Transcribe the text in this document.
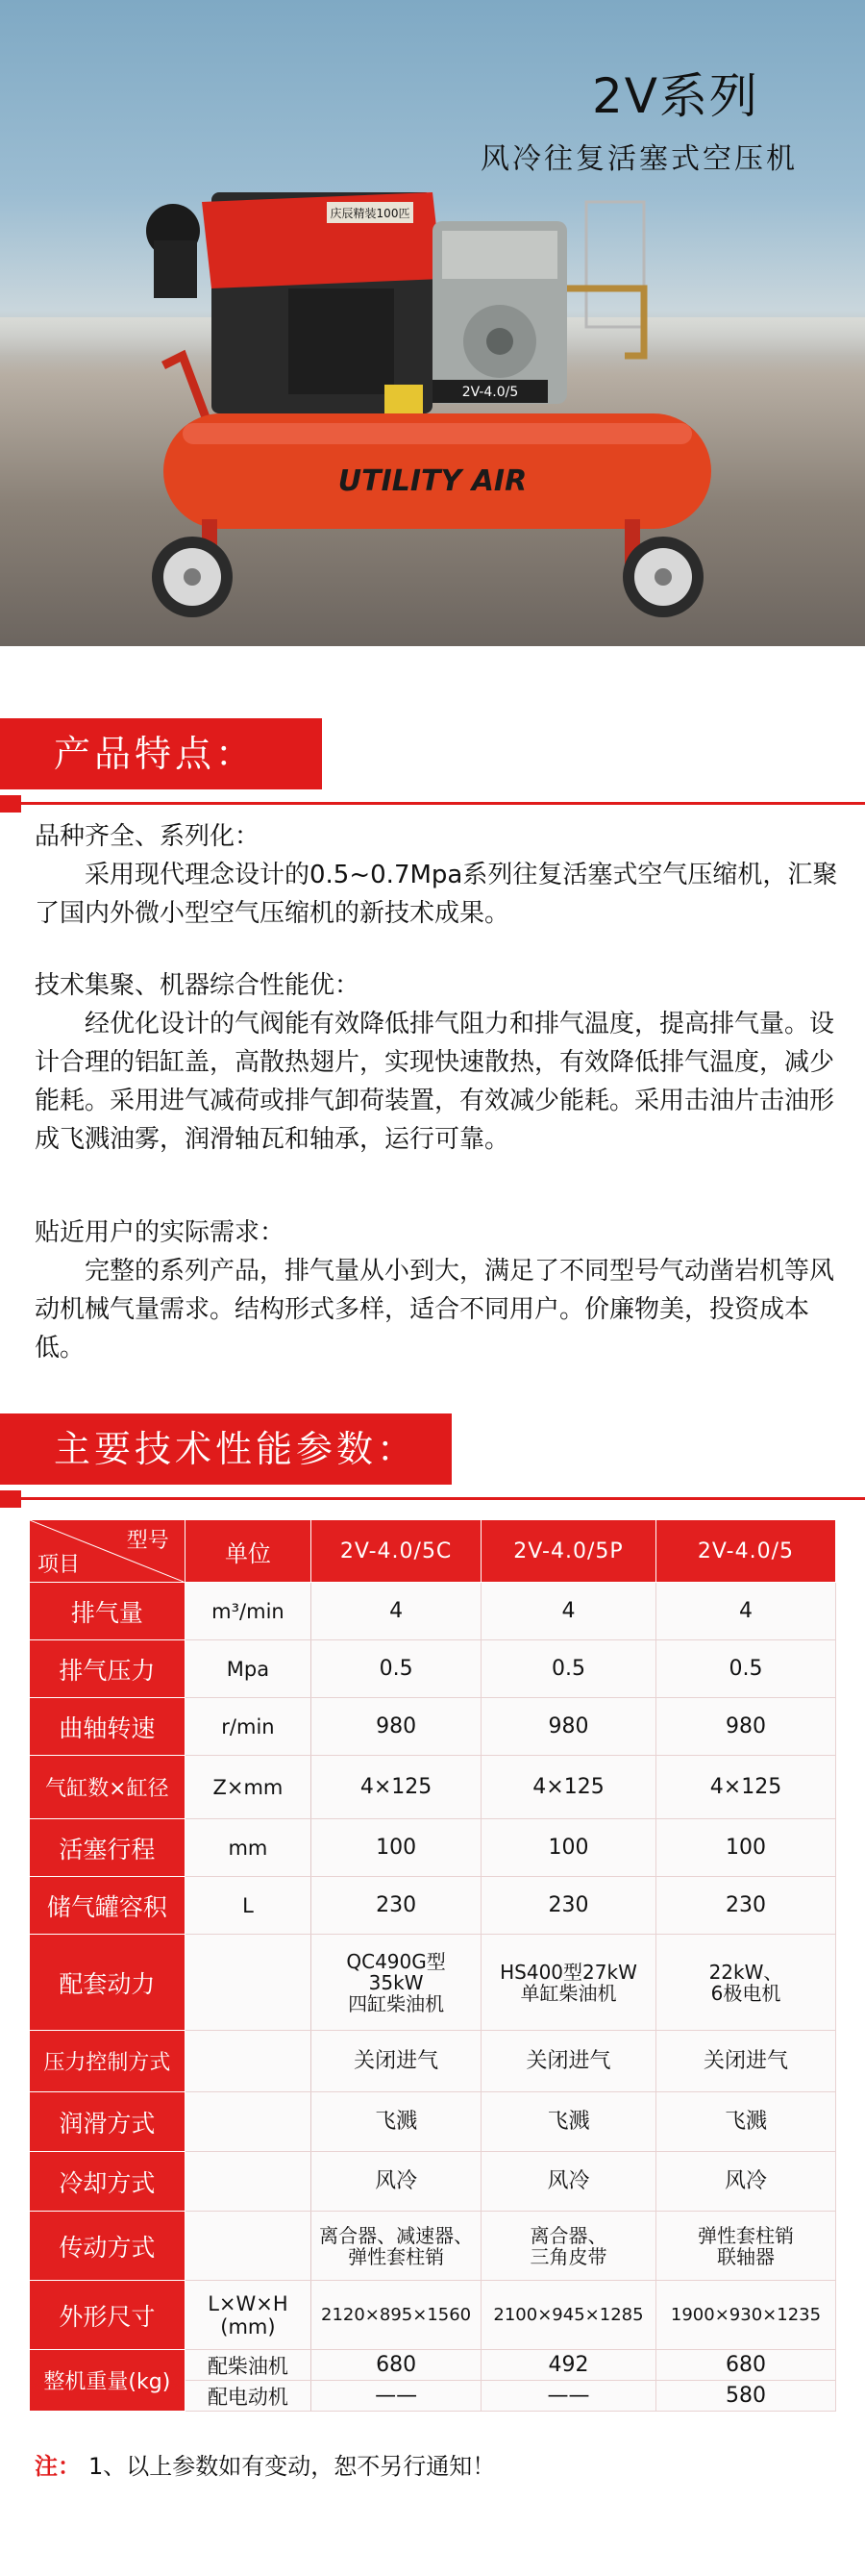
2V系列
风冷往复活塞式空压机
庆辰精装100匹
2V-4.0/5
UTILITY AIR
产品特点：

品种齐全、系列化：

采用现代理念设计的0.5~0.7Mpa系列往复活塞式空气压缩机，汇聚了国内外微小型空气压缩机的新技术成果。

技术集聚、机器综合性能优：

经优化设计的气阀能有效降低排气阻力和排气温度，提高排气量。设计合理的铝缸盖，高散热翅片，实现快速散热，有效降低排气温度，减少能耗。采用进气减荷或排气卸荷装置，有效减少能耗。采用击油片击油形成飞溅油雾，润滑轴瓦和轴承，运行可靠。

贴近用户的实际需求：

完整的系列产品，排气量从小到大，满足了不同型号气动凿岩机等风动机械气量需求。结构形式多样，适合不同用户。价廉物美，投资成本低。

主要技术性能参数：
型号
项目	单位	2V-4.0/5C	2V-4.0/5P	2V-4.0/5
排气量	m³/min	4	4	4
排气压力	Mpa	0.5	0.5	0.5
曲轴转速	r/min	980	980	980
气缸数×缸径	Z×mm	4×125	4×125	4×125
活塞行程	mm	100	100	100
储气罐容积	L	230	230	230
配套动力		QC490G型
35kW
四缸柴油机	HS400型27kW
单缸柴油机	22kW、
6极电机
压力控制方式		关闭进气	关闭进气	关闭进气
润滑方式		飞溅	飞溅	飞溅
冷却方式		风冷	风冷	风冷
传动方式		离合器、减速器、
弹性套柱销	离合器、
三角皮带	弹性套柱销
联轴器
外形尺寸	L×W×H
(mm)	2120×895×1560	2100×945×1285	1900×930×1235
整机重量(kg)	配柴油机	680	492	680
	配电动机	——	——	580
注： 1、以上参数如有变动，恕不另行通知！
